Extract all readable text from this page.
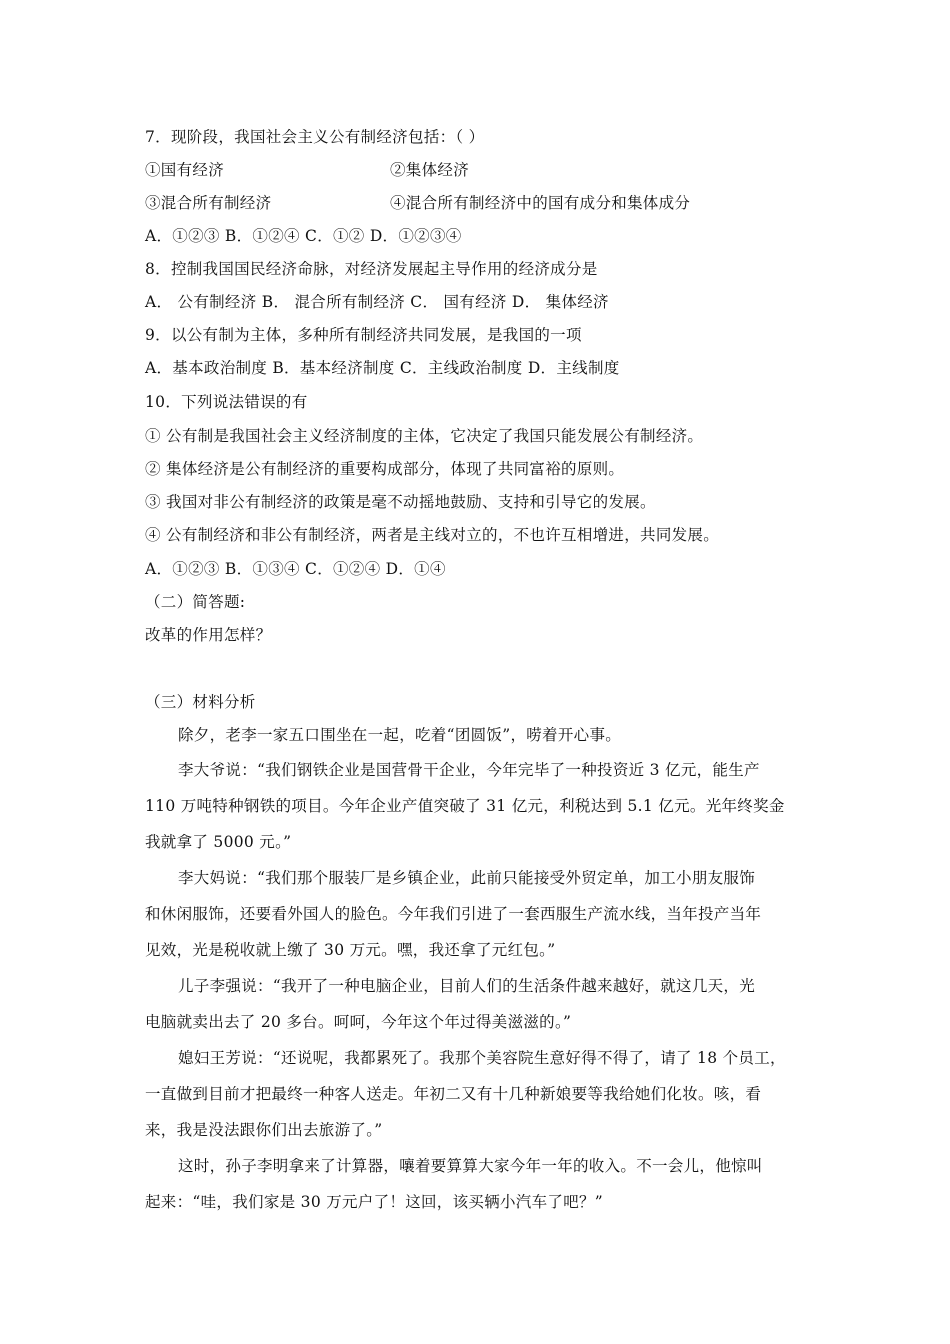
7．现阶段，我国社会主义公有制经济包括：（ ）
①国有经济	②集体经济
③混合所有制经济	④混合所有制经济中的国有成分和集体成分
A．①②③ B．①②④ C．①② D．①②③④
8．控制我国国民经济命脉，对经济发展起主导作用的经济成分是
A． 公有制经济 B． 混合所有制经济 C． 国有经济 D． 集体经济
9．以公有制为主体，多种所有制经济共同发展，是我国的一项
A．基本政治制度 B．基本经济制度 C．主线政治制度 D．主线制度
10．下列说法错误的有
① 公有制是我国社会主义经济制度的主体，它决定了我国只能发展公有制经济。
② 集体经济是公有制经济的重要构成部分，体现了共同富裕的原则。
③ 我国对非公有制经济的政策是毫不动摇地鼓励、支持和引导它的发展。
④ 公有制经济和非公有制经济，两者是主线对立的，不也许互相增进，共同发展。
A．①②③ B．①③④ C．①②④ D．①④
（二）简答题:
改革的作用怎样？
（三）材料分析
除夕，老李一家五口围坐在一起，吃着“团圆饭”，唠着开心事。
李大爷说：“我们钢铁企业是国营骨干企业，今年完毕了一种投资近 3 亿元，能生产
110 万吨特种钢铁的项目。今年企业产值突破了 31 亿元，利税达到 5.1 亿元。光年终奖金
我就拿了 5000 元。”
李大妈说：“我们那个服装厂是乡镇企业，此前只能接受外贸定单，加工小朋友服饰
和休闲服饰，还要看外国人的脸色。今年我们引进了一套西服生产流水线，当年投产当年
见效，光是税收就上缴了 30 万元。嘿，我还拿了元红包。”
儿子李强说：“我开了一种电脑企业，目前人们的生活条件越来越好，就这几天，光
电脑就卖出去了 20 多台。呵呵，今年这个年过得美滋滋的。”
媳妇王芳说：“还说呢，我都累死了。我那个美容院生意好得不得了，请了 18 个员工，
一直做到目前才把最终一种客人送走。年初二又有十几种新娘要等我给她们化妆。咳，看
来，我是没法跟你们出去旅游了。”
这时，孙子李明拿来了计算器，嚷着要算算大家今年一年的收入。不一会儿，他惊叫
起来：“哇，我们家是 30 万元户了！这回，该买辆小汽车了吧？”
